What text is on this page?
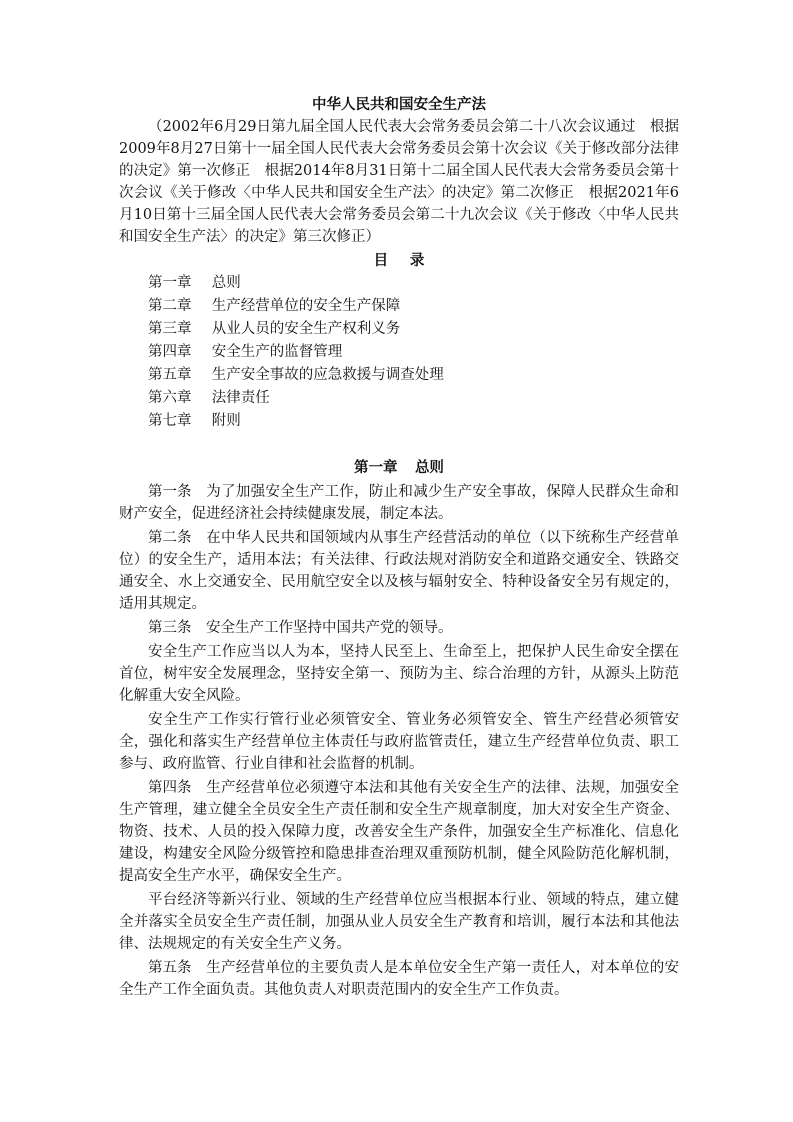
中华人民共和国安全生产法

（2002年6月29日第九届全国人民代表大会常务委员会第二十八次会议通过　根据2009年8月27日第十一届全国人民代表大会常务委员会第十次会议《关于修改部分法律的决定》第一次修正　根据2014年8月31日第十二届全国人民代表大会常务委员会第十次会议《关于修改〈中华人民共和国安全生产法〉的决定》第二次修正　根据2021年6月10日第十三届全国人民代表大会常务委员会第二十九次会议《关于修改〈中华人民共和国安全生产法〉的决定》第三次修正）

目录
第一章 总则
第二章 生产经营单位的安全生产保障
第三章 从业人员的安全生产权利义务
第四章 安全生产的监督管理
第五章 生产安全事故的应急救援与调查处理
第六章 法律责任
第七章 附则
第一章 总则

第一条 为了加强安全生产工作，防止和减少生产安全事故，保障人民群众生命和财产安全，促进经济社会持续健康发展，制定本法。

第二条 在中华人民共和国领域内从事生产经营活动的单位（以下统称生产经营单位）的安全生产，适用本法；有关法律、行政法规对消防安全和道路交通安全、铁路交通安全、水上交通安全、民用航空安全以及核与辐射安全、特种设备安全另有规定的，适用其规定。

第三条 安全生产工作坚持中国共产党的领导。

安全生产工作应当以人为本，坚持人民至上、生命至上，把保护人民生命安全摆在首位，树牢安全发展理念，坚持安全第一、预防为主、综合治理的方针，从源头上防范化解重大安全风险。

安全生产工作实行管行业必须管安全、管业务必须管安全、管生产经营必须管安全，强化和落实生产经营单位主体责任与政府监管责任，建立生产经营单位负责、职工参与、政府监管、行业自律和社会监督的机制。

第四条 生产经营单位必须遵守本法和其他有关安全生产的法律、法规，加强安全生产管理，建立健全全员安全生产责任制和安全生产规章制度，加大对安全生产资金、物资、技术、人员的投入保障力度，改善安全生产条件，加强安全生产标准化、信息化建设，构建安全风险分级管控和隐患排查治理双重预防机制，健全风险防范化解机制，提高安全生产水平，确保安全生产。

平台经济等新兴行业、领域的生产经营单位应当根据本行业、领域的特点，建立健全并落实全员安全生产责任制，加强从业人员安全生产教育和培训，履行本法和其他法律、法规规定的有关安全生产义务。

第五条 生产经营单位的主要负责人是本单位安全生产第一责任人，对本单位的安全生产工作全面负责。其他负责人对职责范围内的安全生产工作负责。
